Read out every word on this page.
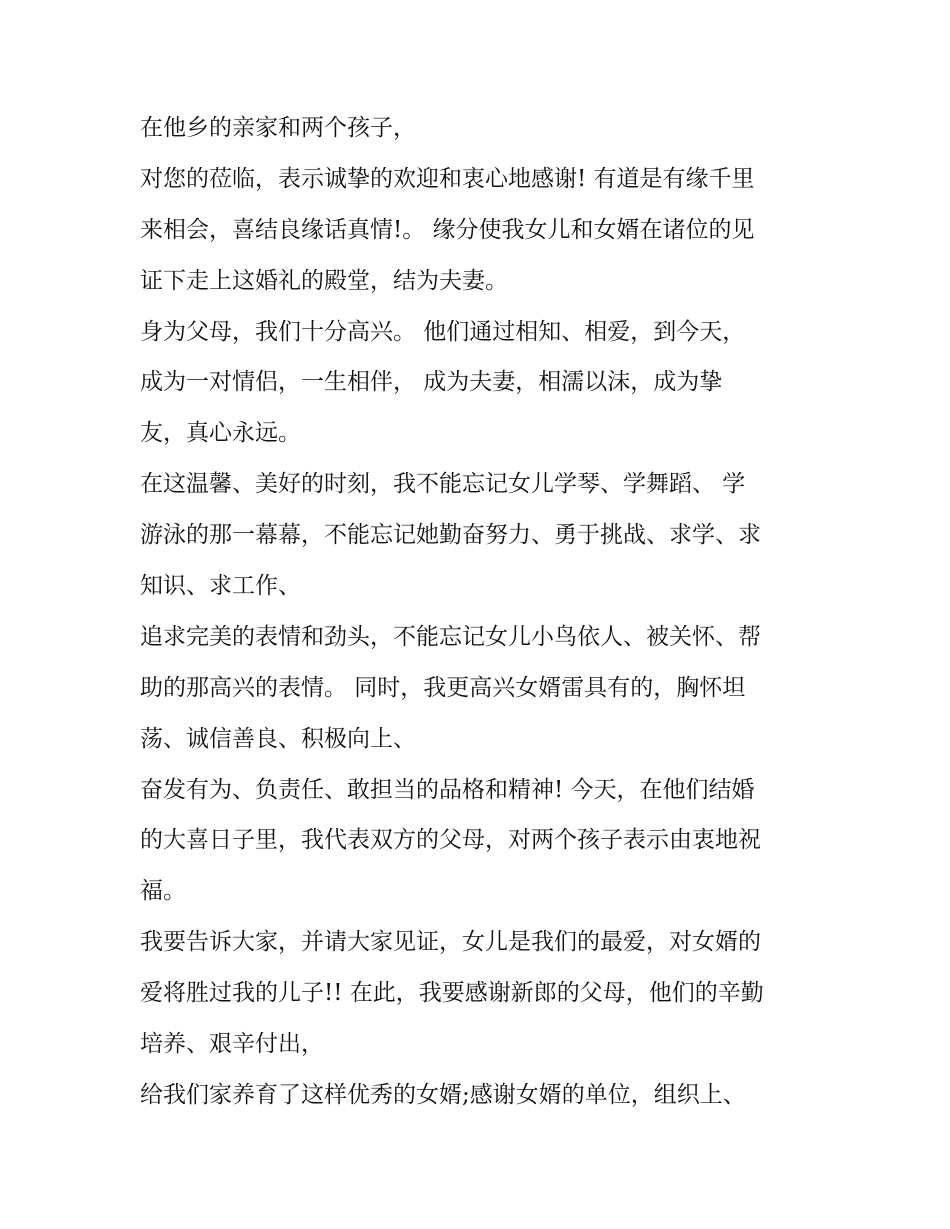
在他乡的亲家和两个孩子，
对您的莅临，表示诚挚的欢迎和衷心地感谢! 有道是有缘千里
来相会，喜结良缘话真情!。 缘分使我女儿和女婿在诸位的见
证下走上这婚礼的殿堂，结为夫妻。
身为父母，我们十分高兴。 他们通过相知、相爱，到今天，
成为一对情侣，一生相伴， 成为夫妻，相濡以沫，成为挚
友，真心永远。
在这温馨、美好的时刻，我不能忘记女儿学琴、学舞蹈、 学
游泳的那一幕幕，不能忘记她勤奋努力、勇于挑战、求学、求
知识、求工作、
追求完美的表情和劲头，不能忘记女儿小鸟依人、被关怀、帮
助的那高兴的表情。 同时，我更高兴女婿雷具有的，胸怀坦
荡、诚信善良、积极向上、
奋发有为、负责任、敢担当的品格和精神! 今天，在他们结婚
的大喜日子里，我代表双方的父母，对两个孩子表示由衷地祝
福。
我要告诉大家，并请大家见证，女儿是我们的最爱，对女婿的
爱将胜过我的儿子!! 在此，我要感谢新郎的父母，他们的辛勤
培养、艰辛付出，
给我们家养育了这样优秀的女婿;感谢女婿的单位，组织上、
